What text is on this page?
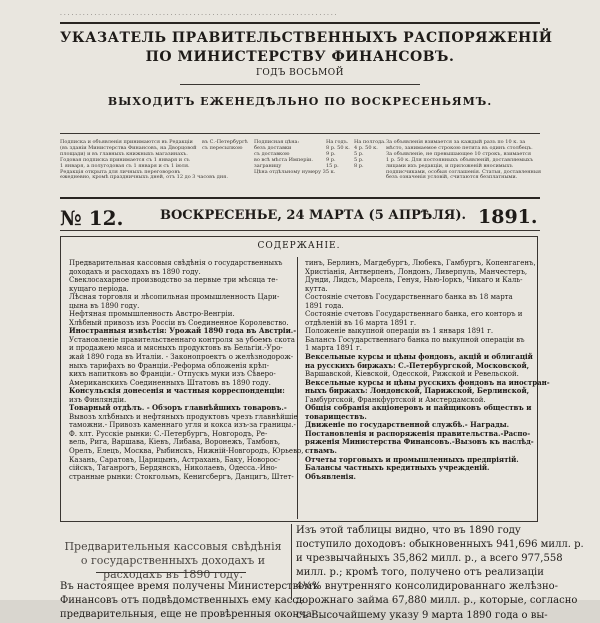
. . . . . . . . . . . . . . . . . . . . . . . . . . . . . . . . . . . . . . . . . . . . . . . . . . . . . . . . . . . . . . . . . . . . . . . . .
УКАЗАТЕЛЬ ПРАВИТЕЛЬСТВЕННЫХЪ РАСПОРЯЖЕНІЙ
ПО МИНИСТЕРСТВУ ФИНАНСОВЪ.
ГОДЪ ВОСЬМОЙ
ВЫХОДИТЪ ЕЖЕНЕДѢЛЬНО ПО ВОСКРЕСЕНЬЯМЪ.
Подписка и объявленія принимаются въ Редакціи
(въ зданіи Министерства Финансовъ, на Дворцовой
площади) и въ главныхъ книжныхъ магазинахъ.
Годовая подписка принимается съ 1 января и съ
1 января, а полугодовая съ 1 января и съ 1 іюля.
Редакція открыта для личныхъ переговоровъ
ежедневно, кромѣ праздничныхъ дней, отъ 12 до 3 часовъ дня.
въ С.-Петербургѣ
съ пересылкою
Подписная цѣна:
безъ доставки
съ доставкою
во всѣ мѣста Имперіи.
заграницу
Цѣна отдѣльному нумеру 35 к.
На годъ.
8 р. 50 к.
9 р.
9 р.
15 р.
На полгода.
4 р. 50 к.
5 р.
5 р.
8 р.
За объявленія взимается за каждый разъ по 10 к. за
мѣсто, занимаемое строкою петита въ одинъ столбецъ.
За объявленіе, не превышающее 10 строкъ, взимается
1 р. 50 к. Для постоянныхъ объявленій, доставляемыхъ
лицами ихъ редакціи, и приложеній вносимыхъ
подписчиками, особыя соглашенія. Статьи, доставленныя
безъ означенія условій, считаются безплатными.
№ 12.	ВОСКРЕСЕНЬЕ, 24 МАРТА (5 АПРѢЛЯ). 1891.
СОДЕРЖАНІЕ.
Предварительная кассовыя свѣдѣнія о государственныхъ
доходахъ и расходахъ въ 1890 году.
Свеклосахарное производство за первые три мѣсяца те-
кущаго періода.
Лѣсная торговля и лѣсопильная промышленность Цари-
цына въ 1890 году.
Нефтяная промышленность Австро-Венгріи.
Хлѣбный привозъ изъ Россіи въ Соединенное Королевство.
Иностранныя извѣстія: Урожай 1890 года въ Австріи.-
Установленіе правительственнаго контроля за убоемъ скота
и продажею мяса и мясныхъ продуктовъ въ Бельгіи.-Уро-
жай 1890 года въ Италіи. - Законопроектъ о желѣзнодорож-
ныхъ тарифахъ во Франціи.-Реформа обложенія крѣп-
кихъ напитковъ во Франціи.- Отпускъ муки изъ Сѣверо-
Американскихъ Соединенныхъ Штатовъ въ 1890 году.
Консульскія донесенія и частныя корреспонденціи:
изъ Финляндіи.
Товарный отдѣлъ. - Обзоръ главнѣйшихъ товаровъ.-
Вывозъ хлѣбныхъ и нефтяныхъ продуктовъ чрезъ главнѣйшіе
таможни.- Привозъ каменнаго угля и кокса изъ-за границы.-
Ф. хлт. Русскіе рынки: С.-Петербургъ, Новгородъ, Ре-
вель, Рига, Варшава, Кіевъ, Либава, Воронежъ, Тамбовъ,
Орелъ, Елецъ, Москва, Рыбинскъ, Нижній-Новгородъ, Юрьево,
Казань, Саратовъ, Царицынъ, Астрахань, Баку, Новорос-
сійскъ, Таганрогъ, Бердянскъ, Николаевъ, Одесса.-Ино-
странные рынки: Стокгольмъ, Кенигсбергъ, Данцигъ, Штет-
тинъ, Берлинъ, Магдебургъ, Любекъ, Гамбургъ, Копенгагенъ,
Христіанія, Антверпенъ, Лондонъ, Ливерпуль, Манчестеръ,
Дунди, Лидсъ, Марсель, Генуя, Нью-Іоркъ, Чикаго и Каль-
кутта.
Состояніе счетовъ Государственнаго банка въ 18 марта
1891 года.
Состояніе счетовъ Государственнаго банка, его конторъ и
отдѣленій въ 16 марта 1891 г.
Положеніе выкупной операціи въ 1 января 1891 г.
Балансъ Государственнаго банка по выкупной операціи въ
1 марта 1891 г.
Вексельные курсы и цѣны фондовъ, акцій и облигацій
на русскихъ биржахъ: С.-Петербургской, Московской,
Варшавской, Кіевской, Одесской, Рижской и Ревельской.
Вексельные курсы и цѣны русскихъ фондовъ на иностран-
ныхъ биржахъ: Лондонской, Парижской, Берлинской,
Гамбургской, Франкфуртской и Амстердамской.
Общія собранія акціонеровъ и пайщиковъ обществъ и
товариществъ.
Движеніе по государственной службѣ.- Награды.
Постановленія и распоряженія правительства.-Распо-
ряженія Министерства Финансовъ.-Вызовъ къ наслѣд-
ствамъ.
Отчеты торговыхъ и промышленныхъ предпріятій.
Балансы частныхъ кредитныхъ учрежденій.
Объявленія.
Предварительныя кассовыя свѣдѣнія о государственныхъ доходахъ и расходахъ въ 1890 году.
Въ настоящее время получены Министерствомъ
Финансовъ отъ подвѣдомственныхъ ему кассъ
предварительныя, еще не провѣренныя оконча-
Изъ этой таблицы видно, что въ 1890 году
поступило доходовъ: обыкновенныхъ 941,696 милл. р.
и чрезвычайныхъ 35,862 милл. р., а всего 977,558
милл. р.; кромѣ того, получено отъ реализаціи
4½% внутренняго консолидированнаго желѣзно-
дорожнаго займа 67,880 милл. р., которые, согласно
съ Высочайшему указу 9 марта 1890 года о вы-
